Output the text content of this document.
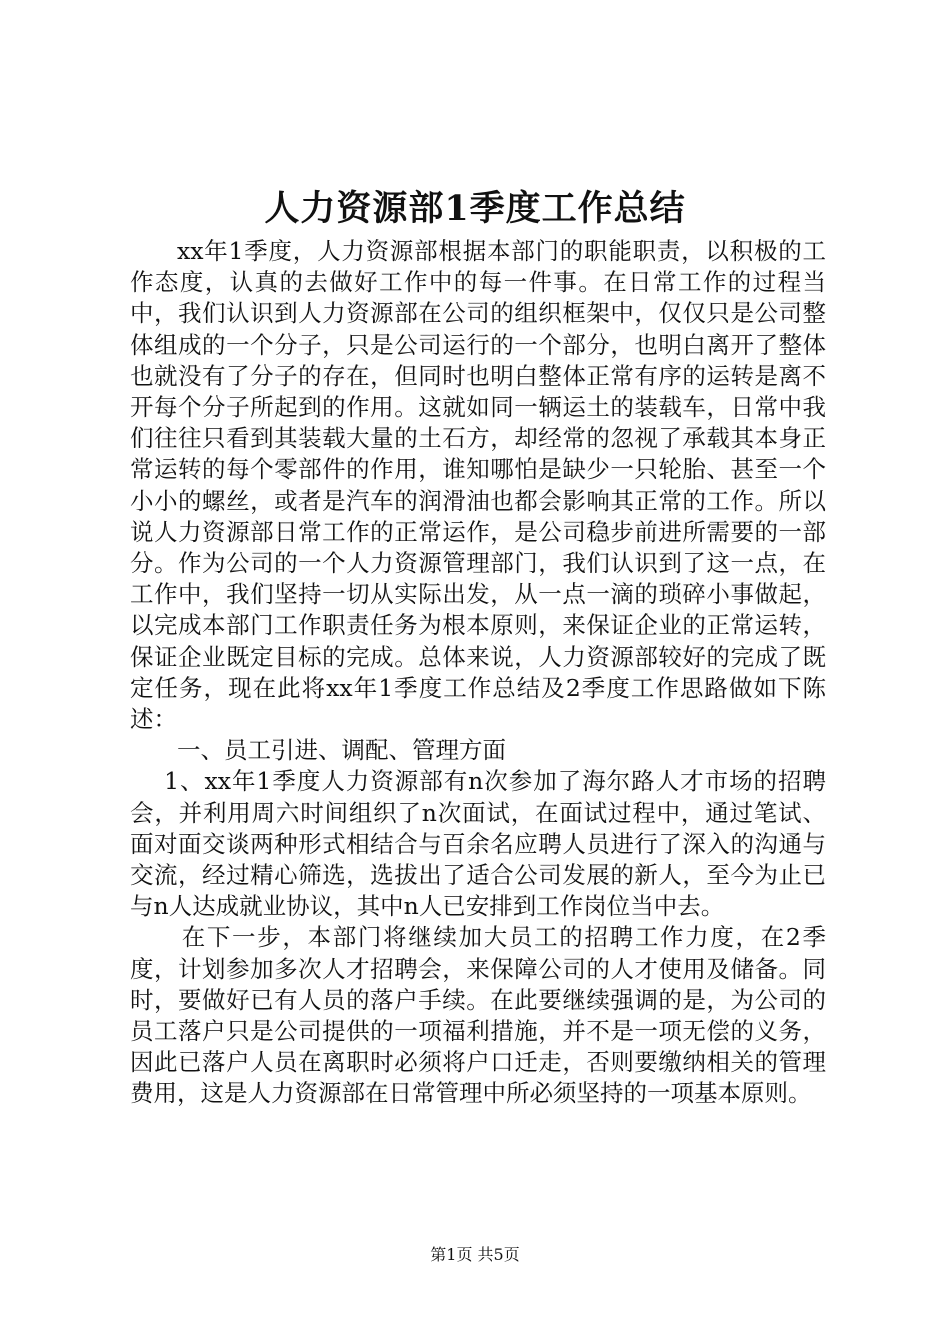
人力资源部1季度工作总结

xx年1季度，人力资源部根据本部门的职能职责，以积极的工作态度，认真的去做好工作中的每一件事。在日常工作的过程当中，我们认识到人力资源部在公司的组织框架中，仅仅只是公司整体组成的一个分子，只是公司运行的一个部分，也明白离开了整体也就没有了分子的存在，但同时也明白整体正常有序的运转是离不开每个分子所起到的作用。这就如同一辆运土的装载车，日常中我们往往只看到其装载大量的土石方，却经常的忽视了承载其本身正常运转的每个零部件的作用，谁知哪怕是缺少一只轮胎、甚至一个小小的螺丝，或者是汽车的润滑油也都会影响其正常的工作。所以说人力资源部日常工作的正常运作，是公司稳步前进所需要的一部分。作为公司的一个人力资源管理部门，我们认识到了这一点，在工作中，我们坚持一切从实际出发，从一点一滴的琐碎小事做起，以完成本部门工作职责任务为根本原则，来保证企业的正常运转，保证企业既定目标的完成。总体来说，人力资源部较好的完成了既定任务，现在此将xx年1季度工作总结及2季度工作思路做如下陈述：

一、员工引进、调配、管理方面

1、xx年1季度人力资源部有n次参加了海尔路人才市场的招聘会，并利用周六时间组织了n次面试，在面试过程中，通过笔试、面对面交谈两种形式相结合与百余名应聘人员进行了深入的沟通与交流，经过精心筛选，选拔出了适合公司发展的新人，至今为止已与n人达成就业协议，其中n人已安排到工作岗位当中去。

在下一步，本部门将继续加大员工的招聘工作力度，在2季度，计划参加多次人才招聘会，来保障公司的人才使用及储备。同时，要做好已有人员的落户手续。在此要继续强调的是，为公司的员工落户只是公司提供的一项福利措施，并不是一项无偿的义务，因此已落户人员在离职时必须将户口迁走，否则要缴纳相关的管理费用，这是人力资源部在日常管理中所必须坚持的一项基本原则。

第1页 共5页
